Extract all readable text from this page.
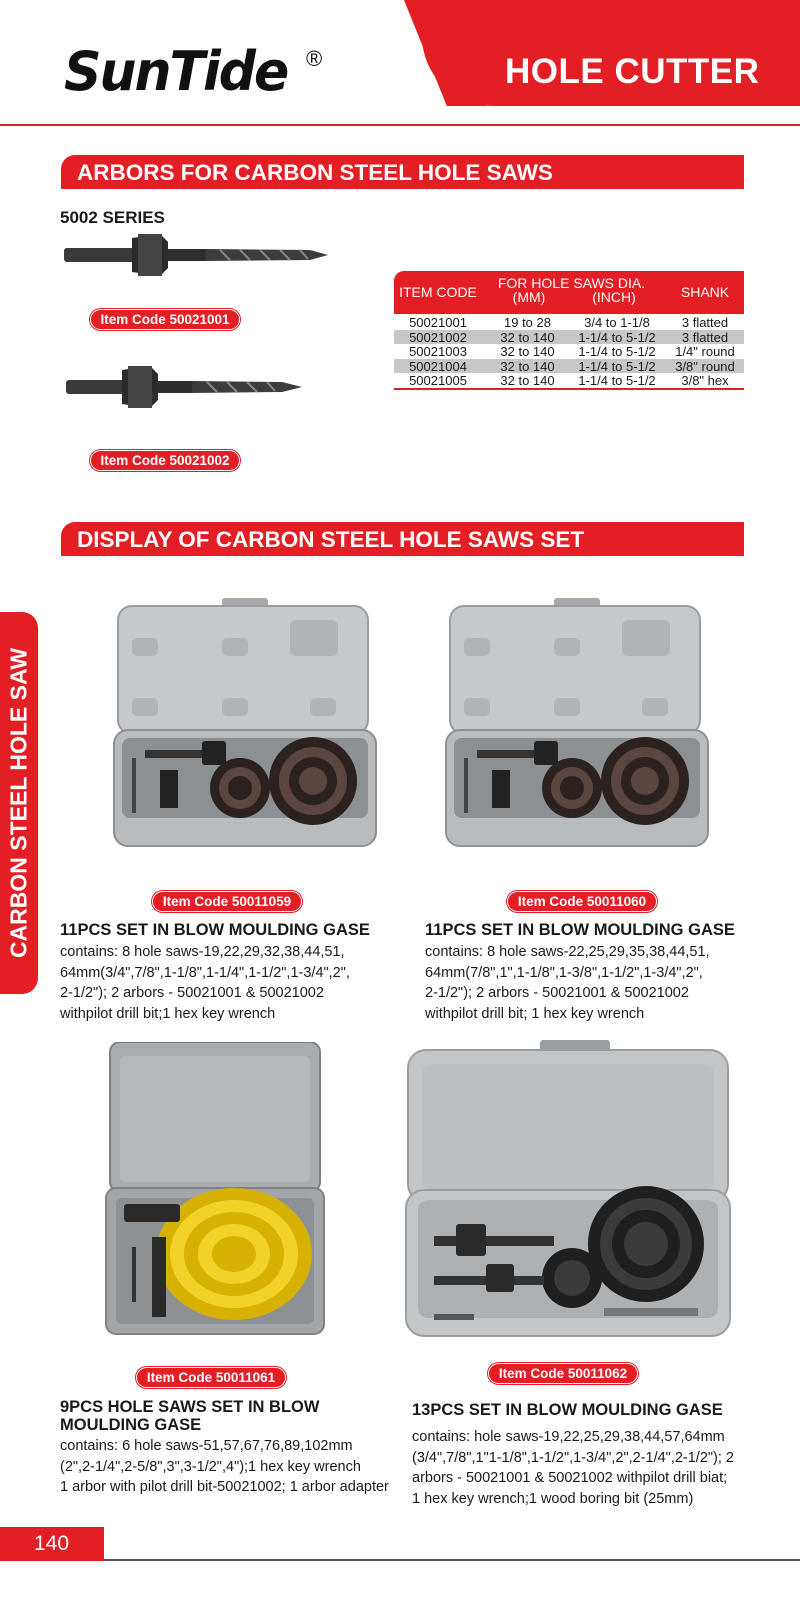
HOLE CUTTER
SunTide ®
ARBORS FOR CARBON STEEL HOLE SAWS
5002 SERIES
Item Code 50021001
Item Code 50021002
ITEM CODE
FOR HOLE SAWS DIA.
(MM)	(INCH)	SHANK
50021001	19 to 28	3/4 to 1-1/8	3 flatted
50021002	32 to 140	1-1/4 to 5-1/2	3 flatted
50021003	32 to 140	1-1/4 to 5-1/2	1/4" round
50021004	32 to 140	1-1/4 to 5-1/2	3/8" round
50021005	32 to 140	1-1/4 to 5-1/2	3/8" hex
DISPLAY OF CARBON STEEL HOLE SAWS SET
CARBON STEEL HOLE SAW	Item Code 50011059
11PCS SET IN BLOW MOULDING GASE
contains: 8 hole saws-19,22,29,32,38,44,51,
64mm(3/4",7/8",1-1/8",1-1/4",1-1/2",1-3/4",2",
2-1/2"); 2 arbors - 50021001 & 50021002
withpilot drill bit;1 hex key wrench
Item Code 50011060
11PCS SET IN BLOW MOULDING GASE
contains: 8 hole saws-22,25,29,35,38,44,51,
64mm(7/8",1",1-1/8",1-3/8",1-1/2",1-3/4",2",
2-1/2"); 2 arbors - 50021001 & 50021002
withpilot drill bit; 1 hex key wrench
Item Code 50011061
9PCS HOLE SAWS SET IN BLOW
MOULDING GASE
contains: 6 hole saws-51,57,67,76,89,102mm
(2",2-1/4",2-5/8",3",3-1/2",4");1 hex key wrench
1 arbor with pilot drill bit-50021002; 1 arbor adapter
Item Code 50011062
13PCS SET IN BLOW MOULDING GASE
contains: hole saws-19,22,25,29,38,44,57,64mm
(3/4",7/8",1"1-1/8",1-1/2",1-3/4",2",2-1/4",2-1/2"); 2
arbors - 50021001 & 50021002 withpilot drill biat;
1 hex key wrench;1 wood boring bit (25mm)
140
